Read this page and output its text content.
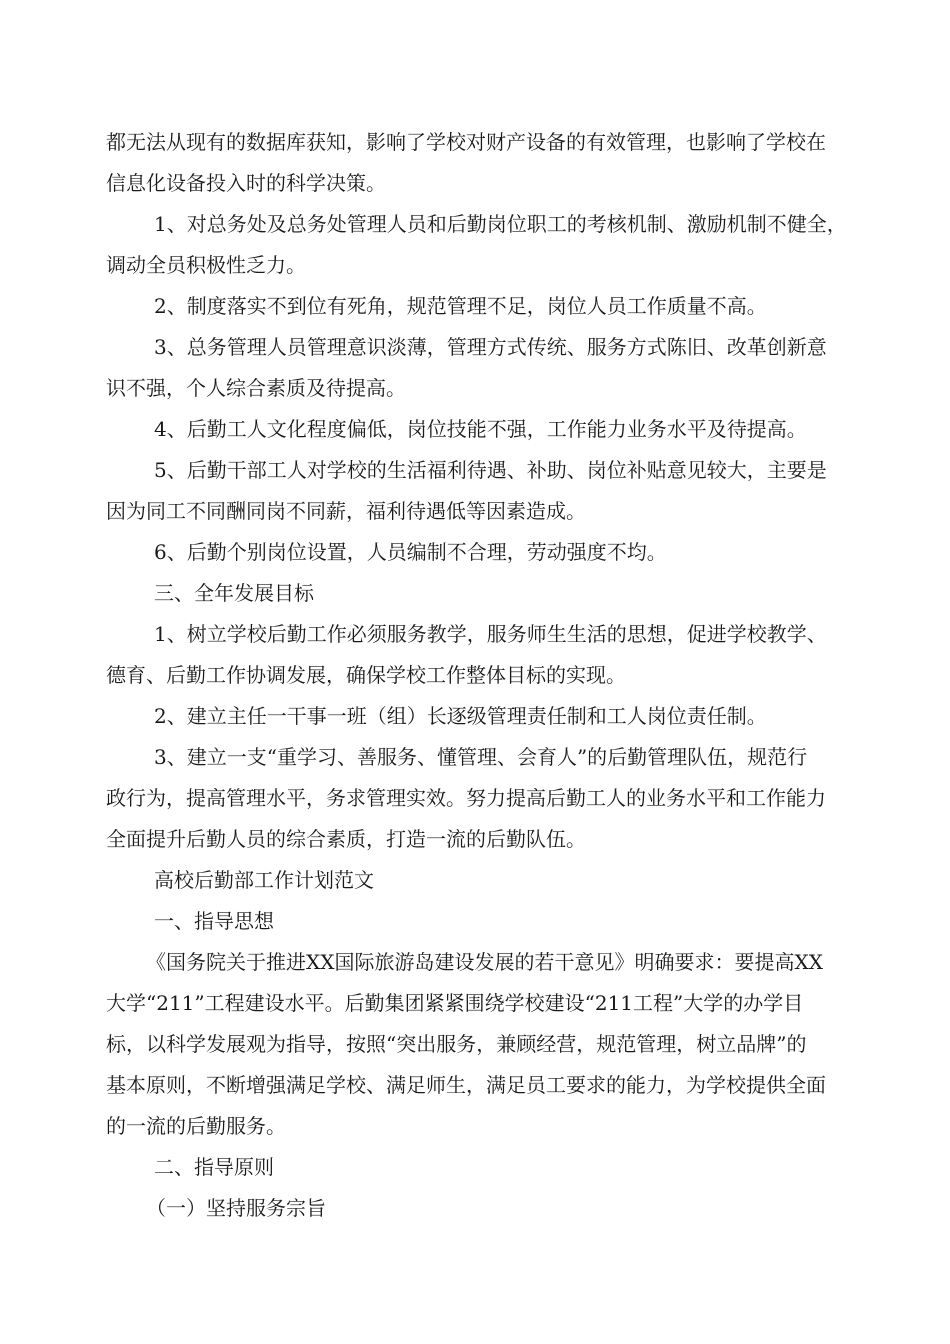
都无法从现有的数据库获知，影响了学校对财产设备的有效管理，也影响了学校在
信息化设备投入时的科学决策。
1、对总务处及总务处管理人员和后勤岗位职工的考核机制、激励机制不健全，
调动全员积极性乏力。
2、制度落实不到位有死角，规范管理不足，岗位人员工作质量不高。
3、总务管理人员管理意识淡薄，管理方式传统、服务方式陈旧、改革创新意
识不强，个人综合素质及待提高。
4、后勤工人文化程度偏低，岗位技能不强，工作能力业务水平及待提高。
5、后勤干部工人对学校的生活福利待遇、补助、岗位补贴意见较大，主要是
因为同工不同酬同岗不同薪，福利待遇低等因素造成。
6、后勤个别岗位设置，人员编制不合理，劳动强度不均。
三、全年发展目标
1、树立学校后勤工作必须服务教学，服务师生生活的思想，促进学校教学、
德育、后勤工作协调发展，确保学校工作整体目标的实现。
2、建立主任一干事一班（组）长逐级管理责任制和工人岗位责任制。
3、建立一支“重学习、善服务、懂管理、会育人”的后勤管理队伍，规范行
政行为，提高管理水平，务求管理实效。努力提高后勤工人的业务水平和工作能力
全面提升后勤人员的综合素质，打造一流的后勤队伍。
高校后勤部工作计划范文
一、指导思想
《国务院关于推进XX国际旅游岛建设发展的若干意见》明确要求：要提高XX
大学“211”工程建设水平。后勤集团紧紧围绕学校建设“211工程”大学的办学目
标，以科学发展观为指导，按照“突出服务，兼顾经营，规范管理，树立品牌”的
基本原则，不断增强满足学校、满足师生，满足员工要求的能力，为学校提供全面
的一流的后勤服务。
二、指导原则
（一）坚持服务宗旨
